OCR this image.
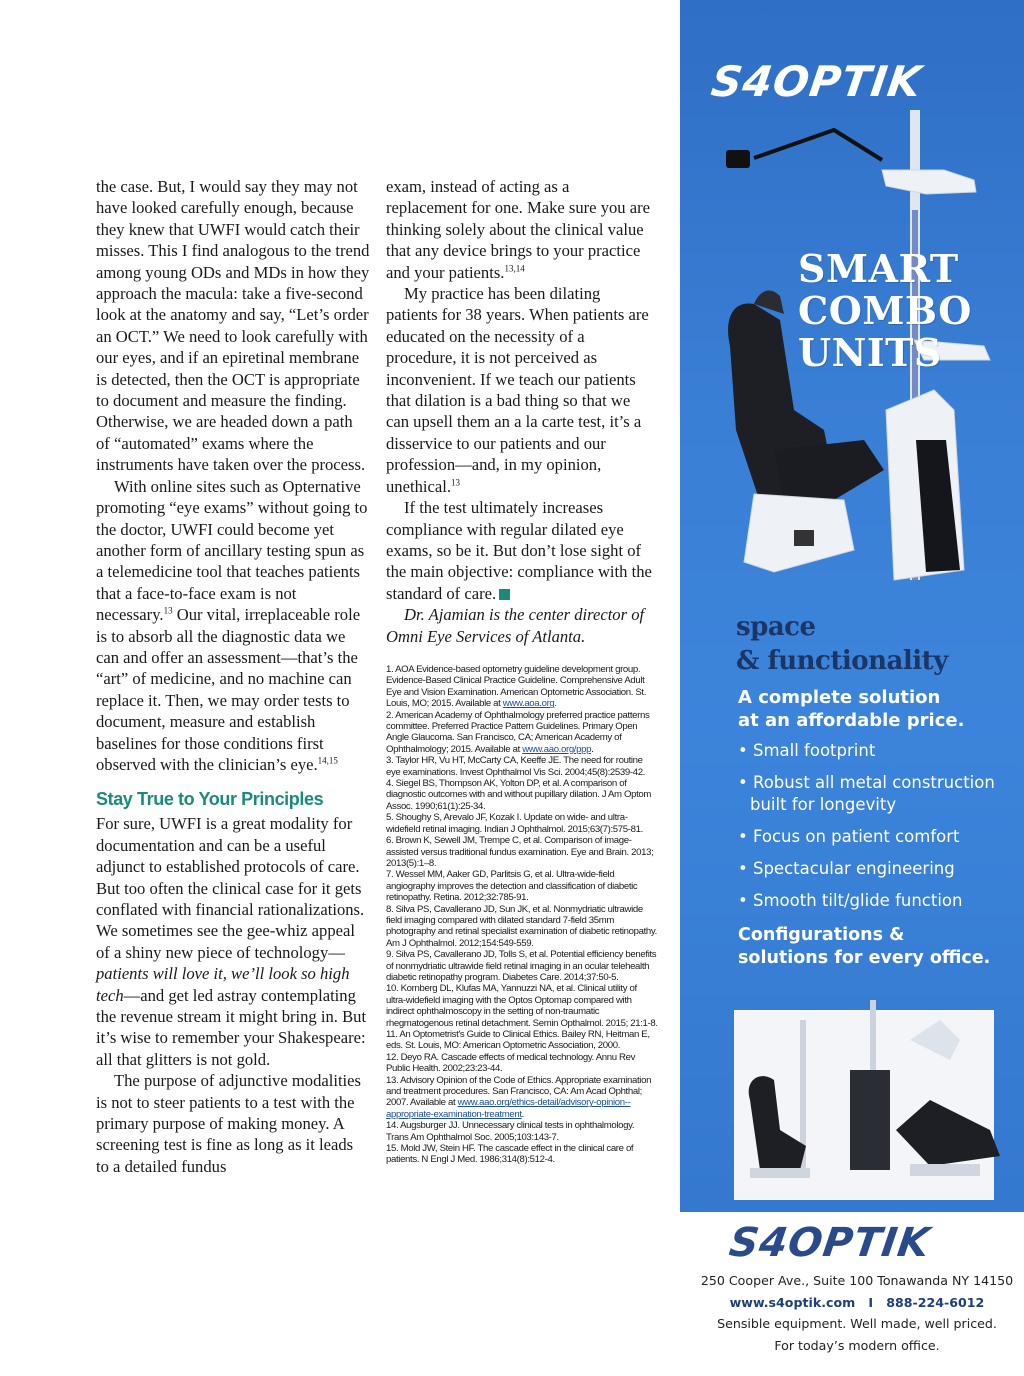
the case. But, I would say they may not have looked carefully enough, because they knew that UWFI would catch their misses. This I find analogous to the trend among young ODs and MDs in how they approach the macula: take a five-second look at the anatomy and say, “Let’s order an OCT.” We need to look carefully with our eyes, and if an epiretinal membrane is detected, then the OCT is appropriate to document and measure the finding. Otherwise, we are headed down a path of “automated” exams where the instruments have taken over the process.

With online sites such as Opternative promoting “eye exams” without going to the doctor, UWFI could become yet another form of ancillary testing spun as a telemedicine tool that teaches patients that a face-to-face exam is not necessary.$^{13}$ Our vital, irreplaceable role is to absorb all the diagnostic data we can and offer an assessment—that’s the “art” of medicine, and no machine can replace it. Then, we may order tests to document, measure and establish baselines for those conditions first observed with the clinician’s eye.$^{14,15}$

Stay True to Your Principles

For sure, UWFI is a great modality for documentation and can be a useful adjunct to established protocols of care. But too often the clinical case for it gets conflated with financial rationalizations. We sometimes see the gee-whiz appeal of a shiny new piece of technology—patients will love it, we’ll look so high tech—and get led astray contemplating the revenue stream it might bring in. But it’s wise to remember your Shakespeare: all that glitters is not gold.

The purpose of adjunctive modalities is not to steer patients to a test with the primary purpose of making money. A screening test is fine as long as it leads to a detailed fundus

exam, instead of acting as a replacement for one. Make sure you are thinking solely about the clinical value that any device brings to your practice and your patients.$^{13,14}$

My practice has been dilating patients for 38 years. When patients are educated on the necessity of a procedure, it is not perceived as inconvenient. If we teach our patients that dilation is a bad thing so that we can upsell them an a la carte test, it’s a disservice to our patients and our profession—and, in my opinion, unethical.$^{13}$

If the test ultimately increases compliance with regular dilated eye exams, so be it. But don’t lose sight of the main objective: compliance with the standard of care.

Dr. Ajamian is the center director of Omni Eye Services of Atlanta.

1. AOA Evidence-based optometry guideline development group. Evidence-Based Clinical Practice Guideline. Comprehensive Adult Eye and Vision Examination. American Optometric Association. St. Louis, MO; 2015. Available at www.aoa.org.
2. American Academy of Ophthalmology preferred practice patterns committee. Preferred Practice Pattern Guidelines. Primary Open Angle Glaucoma. San Francisco, CA; American Academy of Ophthalmology; 2015. Available at www.aao.org/ppp.
3. Taylor HR, Vu HT, McCarty CA, Keeffe JE. The need for routine eye examinations. Invest Ophthalmol Vis Sci. 2004;45(8):2539-42.
4. Siegel BS, Thompson AK, Yolton DP, et al. A comparison of diagnostic outcomes with and without pupillary dilation. J Am Optom Assoc. 1990;61(1):25-34.
5. Shoughy S, Arevalo JF, Kozak I. Update on wide- and ultra-widefield retinal imaging. Indian J Ophthalmol. 2015;63(7):575-81.
6. Brown K, Sewell JM, Trempe C, et al. Comparison of image-assisted versus traditional fundus examination. Eye and Brain. 2013; 2013(5):1–8.
7. Wessel MM, Aaker GD, Parlitsis G, et al. Ultra-wide-field angiography improves the detection and classification of diabetic retinopathy. Retina. 2012;32:785-91.
8. Silva PS, Cavallerano JD, Sun JK, et al. Nonmydriatic ultrawide field imaging compared with dilated standard 7-field 35mm photography and retinal specialist examination of diabetic retinopathy. Am J Ophthalmol. 2012;154:549-559.
9. Silva PS, Cavallerano JD, Tolls S, et al. Potential efficiency benefits of nonmydriatic ultrawide field retinal imaging in an ocular telehealth diabetic retinopathy program. Diabetes Care. 2014;37:50-5.
10. Kornberg DL, Klufas MA, Yannuzzi NA, et al. Clinical utility of ultra-widefield imaging with the Optos Optomap compared with indirect ophthalmoscopy in the setting of non-traumatic rhegmatogenous retinal detachment. Semin Opthalmol. 2015; 21:1-8.
11. An Optometrist's Guide to Clinical Ethics. Bailey RN, Heitman E, eds. St. Louis, MO: American Optometric Association, 2000.
12. Deyo RA. Cascade effects of medical technology. Annu Rev Public Health. 2002;23:23-44.
13. Advisory Opinion of the Code of Ethics. Appropriate examination and treatment procedures. San Francisco, CA: Am Acad Ophthal; 2007. Available at www.aao.org/ethics-detail/advisory-opinion--appropriate-examination-treatment.
14. Augsburger JJ. Unnecessary clinical tests in ophthalmology. Trans Am Ophthalmol Soc. 2005;103:143-7.
15. Mold JW, Stein HF. The cascade effect in the clinical care of patients. N Engl J Med. 1986;314(8):512-4.
S4OPTIK
SMART
COMBO
UNITS
space
& functionality
A complete solution
at an affordable price.
• Small footprint
• Robust all metal construction built for longevity
• Focus on patient comfort
• Spectacular engineering
• Smooth tilt/glide function
Configurations &
solutions for every office.
S4OPTIK
250 Cooper Ave., Suite 100 Tonawanda NY 14150
www.s4optik.com I 888-224-6012
Sensible equipment. Well made, well priced.
For today’s modern office.
